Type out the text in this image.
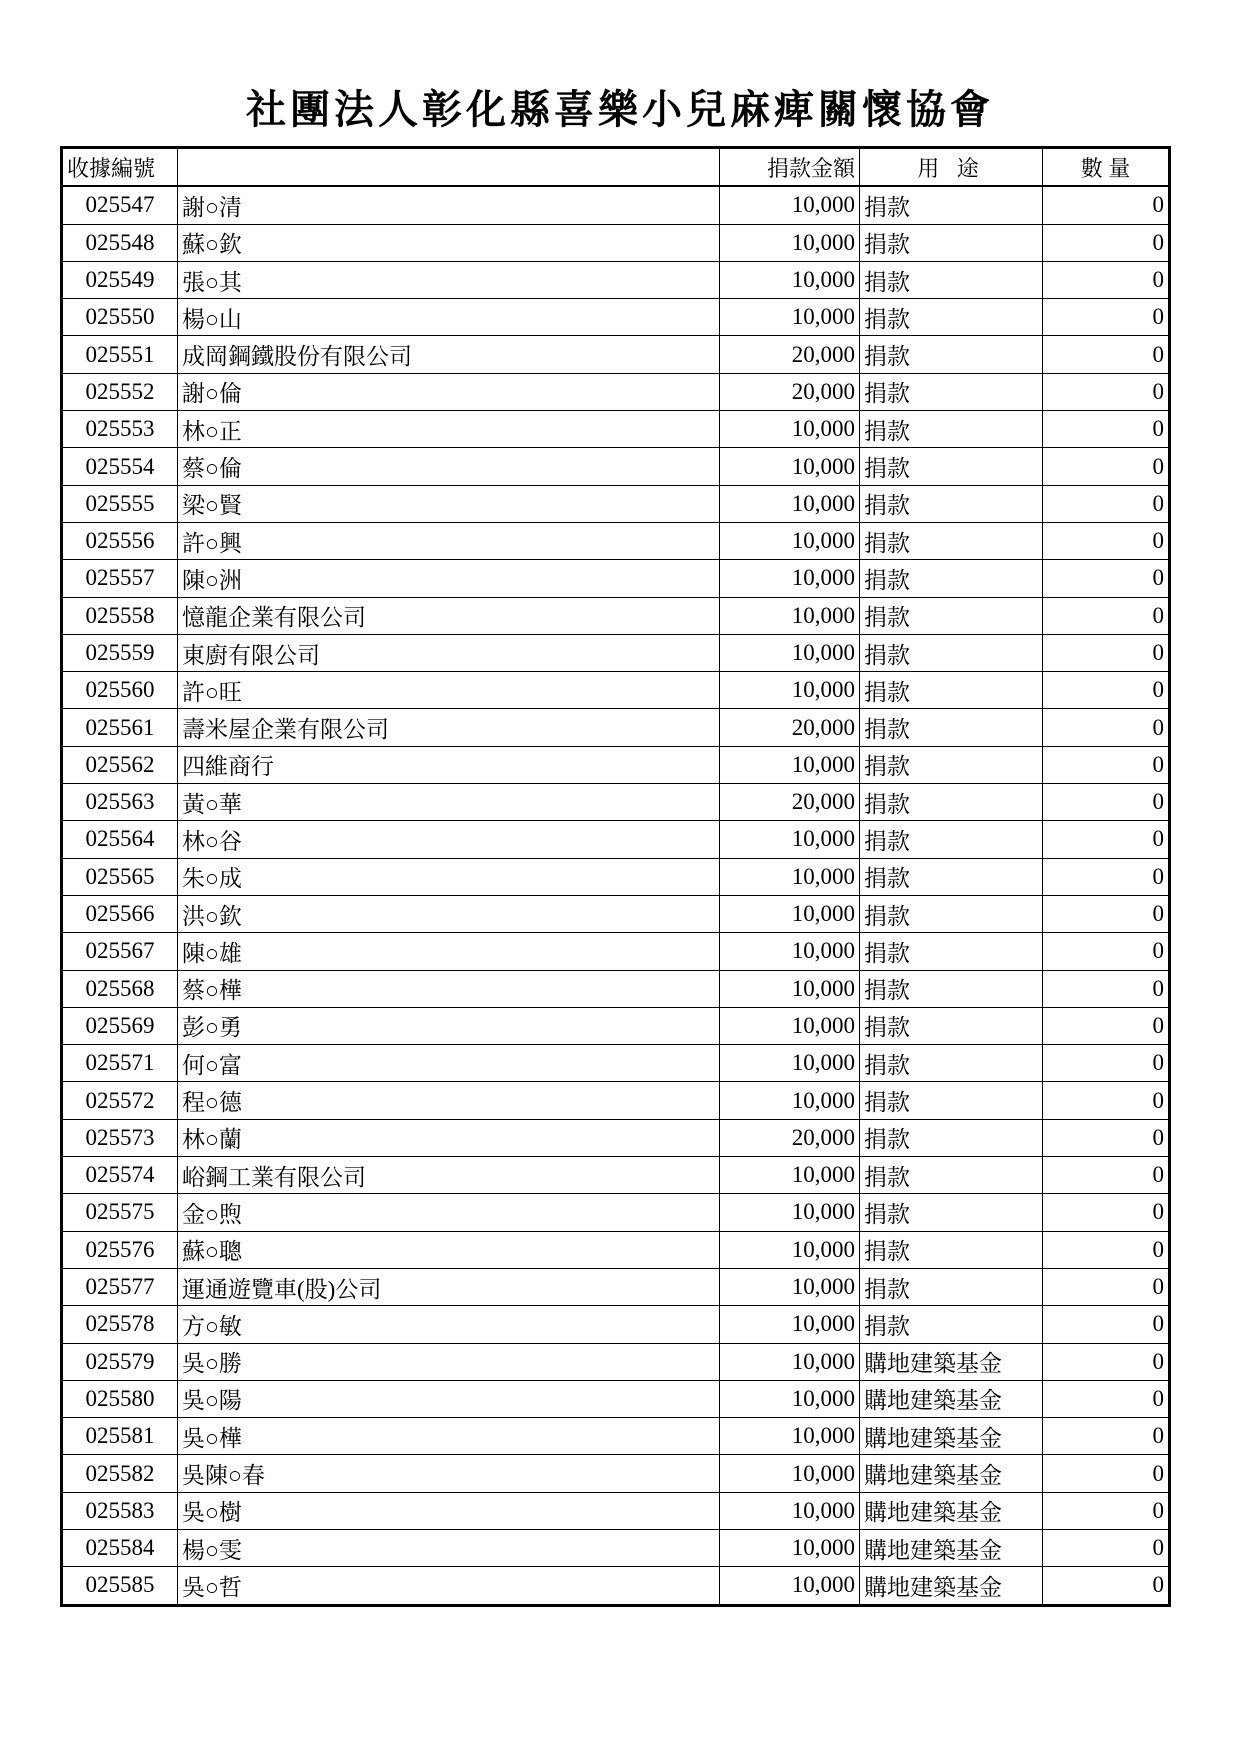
社團法人彰化縣喜樂小兒麻痺關懷協會
收據編號		捐款金額	用 途	數 量
025547	謝○清	10,000	捐款	0
025548	蘇○欽	10,000	捐款	0
025549	張○其	10,000	捐款	0
025550	楊○山	10,000	捐款	0
025551	成岡鋼鐵股份有限公司	20,000	捐款	0
025552	謝○倫	20,000	捐款	0
025553	林○正	10,000	捐款	0
025554	蔡○倫	10,000	捐款	0
025555	梁○賢	10,000	捐款	0
025556	許○興	10,000	捐款	0
025557	陳○洲	10,000	捐款	0
025558	憶龍企業有限公司	10,000	捐款	0
025559	東廚有限公司	10,000	捐款	0
025560	許○旺	10,000	捐款	0
025561	壽米屋企業有限公司	20,000	捐款	0
025562	四維商行	10,000	捐款	0
025563	黃○華	20,000	捐款	0
025564	林○谷	10,000	捐款	0
025565	朱○成	10,000	捐款	0
025566	洪○欽	10,000	捐款	0
025567	陳○雄	10,000	捐款	0
025568	蔡○樺	10,000	捐款	0
025569	彭○勇	10,000	捐款	0
025571	何○富	10,000	捐款	0
025572	程○德	10,000	捐款	0
025573	林○蘭	20,000	捐款	0
025574	峪鋼工業有限公司	10,000	捐款	0
025575	金○煦	10,000	捐款	0
025576	蘇○聰	10,000	捐款	0
025577	運通遊覽車(股)公司	10,000	捐款	0
025578	方○敏	10,000	捐款	0
025579	吳○勝	10,000	購地建築基金	0
025580	吳○陽	10,000	購地建築基金	0
025581	吳○樺	10,000	購地建築基金	0
025582	吳陳○春	10,000	購地建築基金	0
025583	吳○樹	10,000	購地建築基金	0
025584	楊○雯	10,000	購地建築基金	0
025585	吳○哲	10,000	購地建築基金	0
